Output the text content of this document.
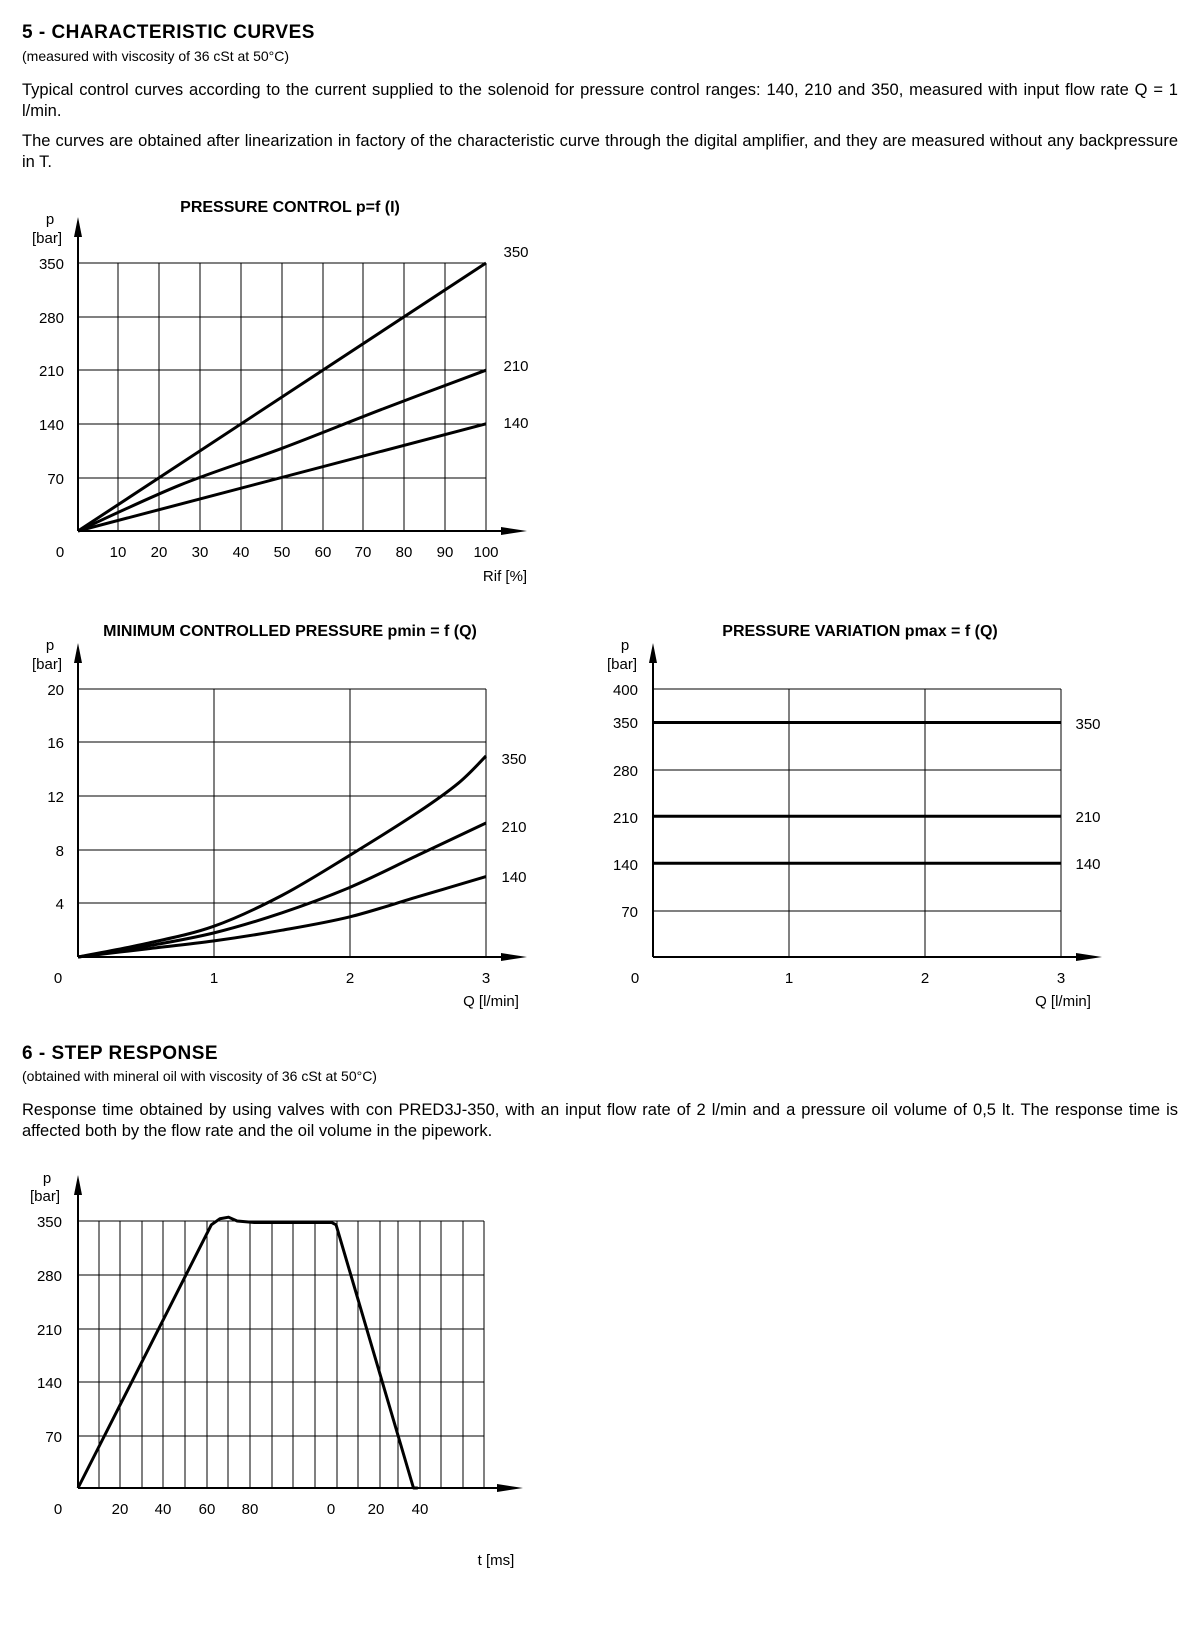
5 - CHARACTERISTIC CURVES

(measured with viscosity of 36 cSt at 50°C)

Typical control curves according to the current supplied to the solenoid for pressure control ranges: 140, 210 and 350, measured with input flow rate Q = 1 l/min.

The curves are obtained after linearization in factory of the characteristic curve through the digital amplifier, and they are measured without any backpressure in T.

PRESSURE CONTROL p=f (I)
p
[bar]
Rif [%]
350
280
210
140
70
0	10 20 30 40 50 60 70 80 90 100
350
210
140
MINIMUM CONTROLLED PRESSURE pmin = f (Q)
p
[bar]
Q [l/min]
20
16
12
8
4
0	1	2	3
350
210
140
PRESSURE VARIATION pmax = f (Q)
p
[bar]
Q [l/min]
400
350
280
210
140
70
0	1	2	3
350
210
140
6 - STEP RESPONSE

(obtained with mineral oil with viscosity of 36 cSt at 50°C)

Response time obtained by using valves with con PRED3J-350, with an input flow rate of 2 l/min and a pressure oil volume of 0,5 lt. The response time is affected both by the flow rate and the oil volume in the pipework.

p
[bar]
t [ms]
350
280
210
140
70
0	20 40 60 80	0 20 40
